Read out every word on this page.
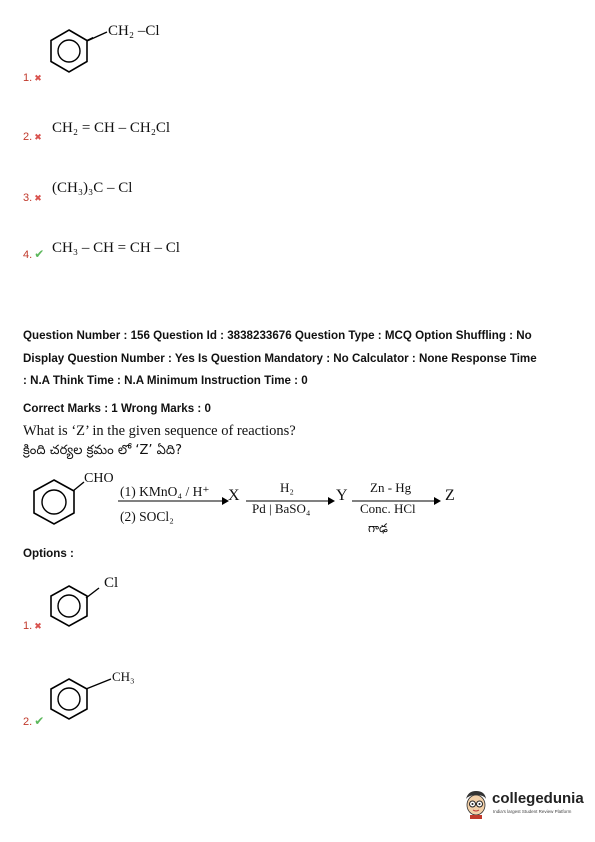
CH₂ –Cl
1. ✖
2. ✖
CH₂ = CH – CH₂Cl
3. ✖
(CH₃)₃C – Cl
4. ✔ CH₃ – CH = CH – Cl
Question Number : 156 Question Id : 3838233676 Question Type : MCQ Option Shuffling : No
Display Question Number : Yes Is Question Mandatory : No Calculator : None Response Time
: N.A Think Time : N.A Minimum Instruction Time : 0
Correct Marks : 1 Wrong Marks : 0
What is ‘Z’ in the given sequence of reactions?
క్రింది చర్యల క్రమం లో ‘Z’ ఏది?
CHO
(1) KMnO₄ / H⁺
(2) SOCl₂
X	H₂
Pd | BaSO₄
Y Zn - Hg
Conc. HCl
గాఢ
Z
Options :
Cl
1. ✖
CH₃
2. ✔
collegedunia
India's largest Student Review Platform
